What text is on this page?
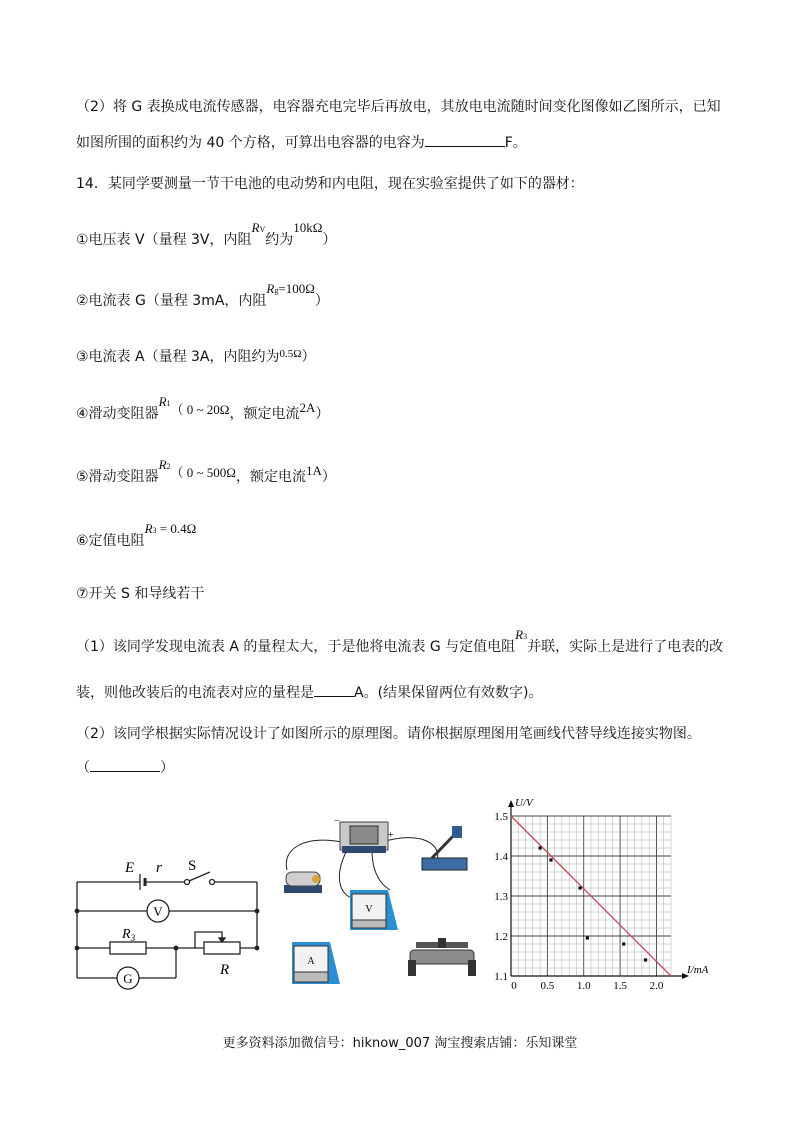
（2）将 G 表换成电流传感器，电容器充电完毕后再放电，其放电电流随时间变化图像如乙图所示，已知
如图所围的面积约为 40 个方格，可算出电容器的电容为	F。
14．某同学要测量一节干电池的电动势和内电阻，现在实验室提供了如下的器材：
①电压表 V（量程 3V，内阻RV约为10kΩ）
②电流表 G（量程 3mA，内阻Rg=100Ω）
③电流表 A（量程 3A，内阻约为$^{0.5\Omega}$）
④滑动变阻器R1（ 0 ~ 20Ω，额定电流2A）
⑤滑动变阻器R2（ 0 ~ 500Ω，额定电流1A）
⑥定值电阻R3 = 0.4Ω
⑦开关 S 和导线若干
（1）该同学发现电流表 A 的量程太大，于是他将电流表 G 与定值电阻R3并联，实际上是进行了电表的改
装，则他改装后的电流表对应的量程是	A。(结果保留两位有效数字)。
（2）该同学根据实际情况设计了如图所示的原理图。请你根据原理图用笔画线代替导线连接实物图。
（	）
E r S
V
$R_3$
G
R
−
+
V
A
0 0.5 1.0 1.5 2.0
1.1
1.2
1.3
1.4
1.5
I/mA
U/V
更多资料添加微信号：hiknow_007 淘宝搜索店铺：乐知课堂
